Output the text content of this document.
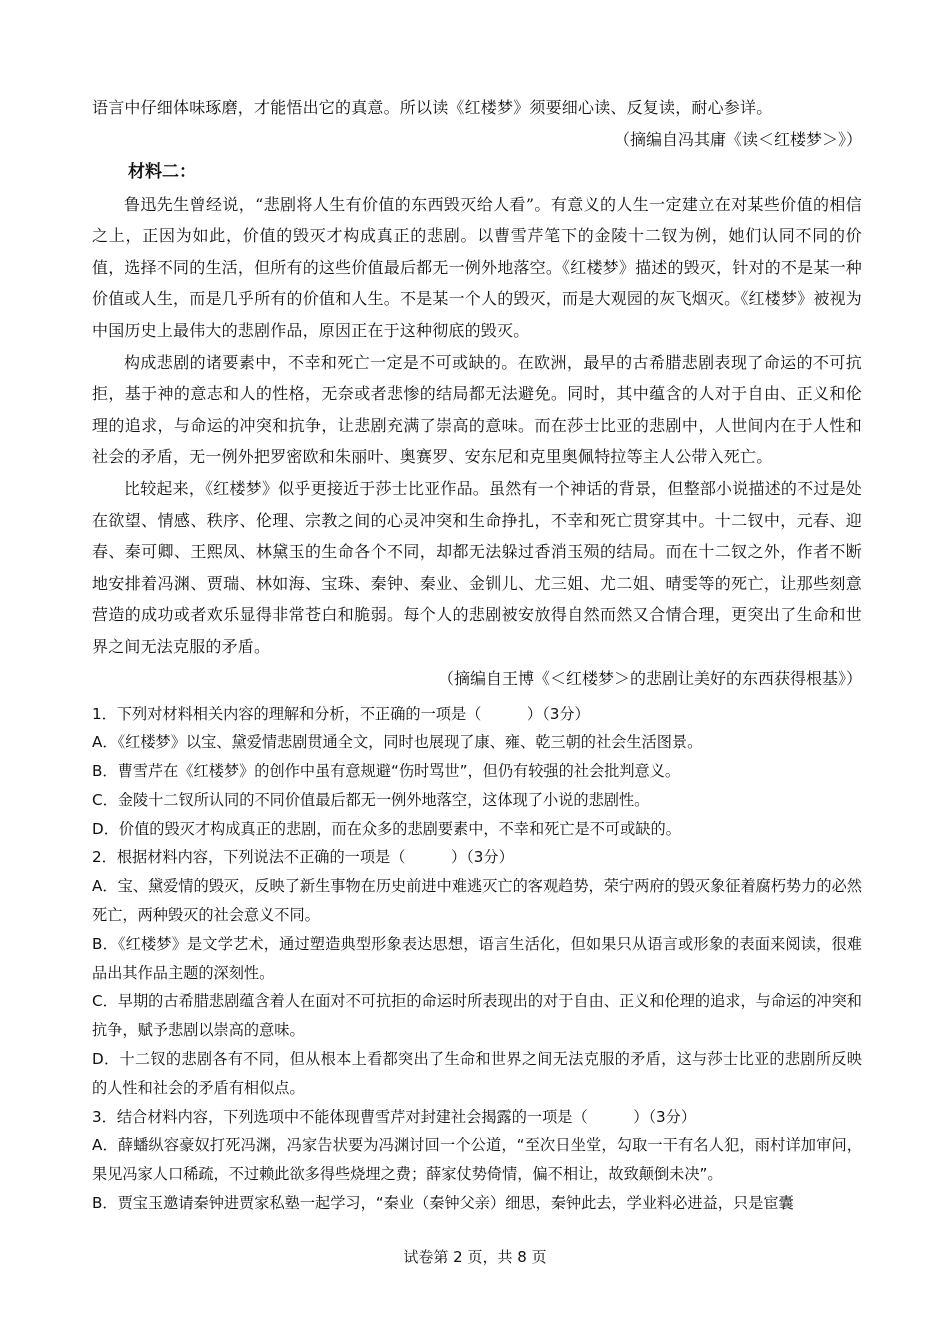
语言中仔细体味琢磨，才能悟出它的真意。所以读《红楼梦》须要细心读、反复读，耐心参详。

（摘编自冯其庸《读＜红楼梦＞》）

材料二：

鲁迅先生曾经说，“悲剧将人生有价值的东西毁灭给人看”。有意义的人生一定建立在对某些价值的相信之上，正因为如此，价值的毁灭才构成真正的悲剧。以曹雪芹笔下的金陵十二钗为例，她们认同不同的价值，选择不同的生活，但所有的这些价值最后都无一例外地落空。《红楼梦》描述的毁灭，针对的不是某一种价值或人生，而是几乎所有的价值和人生。不是某一个人的毁灭，而是大观园的灰飞烟灭。《红楼梦》被视为中国历史上最伟大的悲剧作品，原因正在于这种彻底的毁灭。

构成悲剧的诸要素中，不幸和死亡一定是不可或缺的。在欧洲，最早的古希腊悲剧表现了命运的不可抗拒，基于神的意志和人的性格，无奈或者悲惨的结局都无法避免。同时，其中蕴含的人对于自由、正义和伦理的追求，与命运的冲突和抗争，让悲剧充满了崇高的意味。而在莎士比亚的悲剧中，人世间内在于人性和社会的矛盾，无一例外把罗密欧和朱丽叶、奥赛罗、安东尼和克里奥佩特拉等主人公带入死亡。

比较起来，《红楼梦》似乎更接近于莎士比亚作品。虽然有一个神话的背景，但整部小说描述的不过是处在欲望、情感、秩序、伦理、宗教之间的心灵冲突和生命挣扎，不幸和死亡贯穿其中。十二钗中，元春、迎春、秦可卿、王熙凤、林黛玉的生命各个不同，却都无法躲过香消玉殒的结局。而在十二钗之外，作者不断地安排着冯渊、贾瑞、林如海、宝珠、秦钟、秦业、金钏儿、尤三姐、尤二姐、晴雯等的死亡，让那些刻意营造的成功或者欢乐显得非常苍白和脆弱。每个人的悲剧被安放得自然而然又合情合理，更突出了生命和世界之间无法克服的矛盾。

（摘编自王博《＜红楼梦＞的悲剧让美好的东西获得根基》）

1．下列对材料相关内容的理解和分析，不正确的一项是（　　　）（3分）

A．《红楼梦》以宝、黛爱情悲剧贯通全文，同时也展现了康、雍、乾三朝的社会生活图景。

B．曹雪芹在《红楼梦》的创作中虽有意规避“伤时骂世”，但仍有较强的社会批判意义。

C．金陵十二钗所认同的不同价值最后都无一例外地落空，这体现了小说的悲剧性。

D．价值的毁灭才构成真正的悲剧，而在众多的悲剧要素中，不幸和死亡是不可或缺的。

2．根据材料内容，下列说法不正确的一项是（　　　）（3分）

A．宝、黛爱情的毁灭，反映了新生事物在历史前进中难逃灭亡的客观趋势，荣宁两府的毁灭象征着腐朽势力的必然死亡，两种毁灭的社会意义不同。

B．《红楼梦》是文学艺术，通过塑造典型形象表达思想，语言生活化，但如果只从语言或形象的表面来阅读，很难品出其作品主题的深刻性。

C．早期的古希腊悲剧蕴含着人在面对不可抗拒的命运时所表现出的对于自由、正义和伦理的追求，与命运的冲突和抗争，赋予悲剧以崇高的意味。

D．十二钗的悲剧各有不同，但从根本上看都突出了生命和世界之间无法克服的矛盾，这与莎士比亚的悲剧所反映的人性和社会的矛盾有相似点。

3．结合材料内容，下列选项中不能体现曹雪芹对封建社会揭露的一项是（　　　）（3分）

A．薛蟠纵容豪奴打死冯渊，冯家告状要为冯渊讨回一个公道，“至次日坐堂，勾取一干有名人犯，雨村详加审问，果见冯家人口稀疏，不过赖此欲多得些烧埋之费；薛家仗势倚情，偏不相让，故致颠倒未决”。

B．贾宝玉邀请秦钟进贾家私塾一起学习，“秦业（秦钟父亲）细思，秦钟此去，学业料必进益，只是宦囊

试卷第 2 页，共 8 页
